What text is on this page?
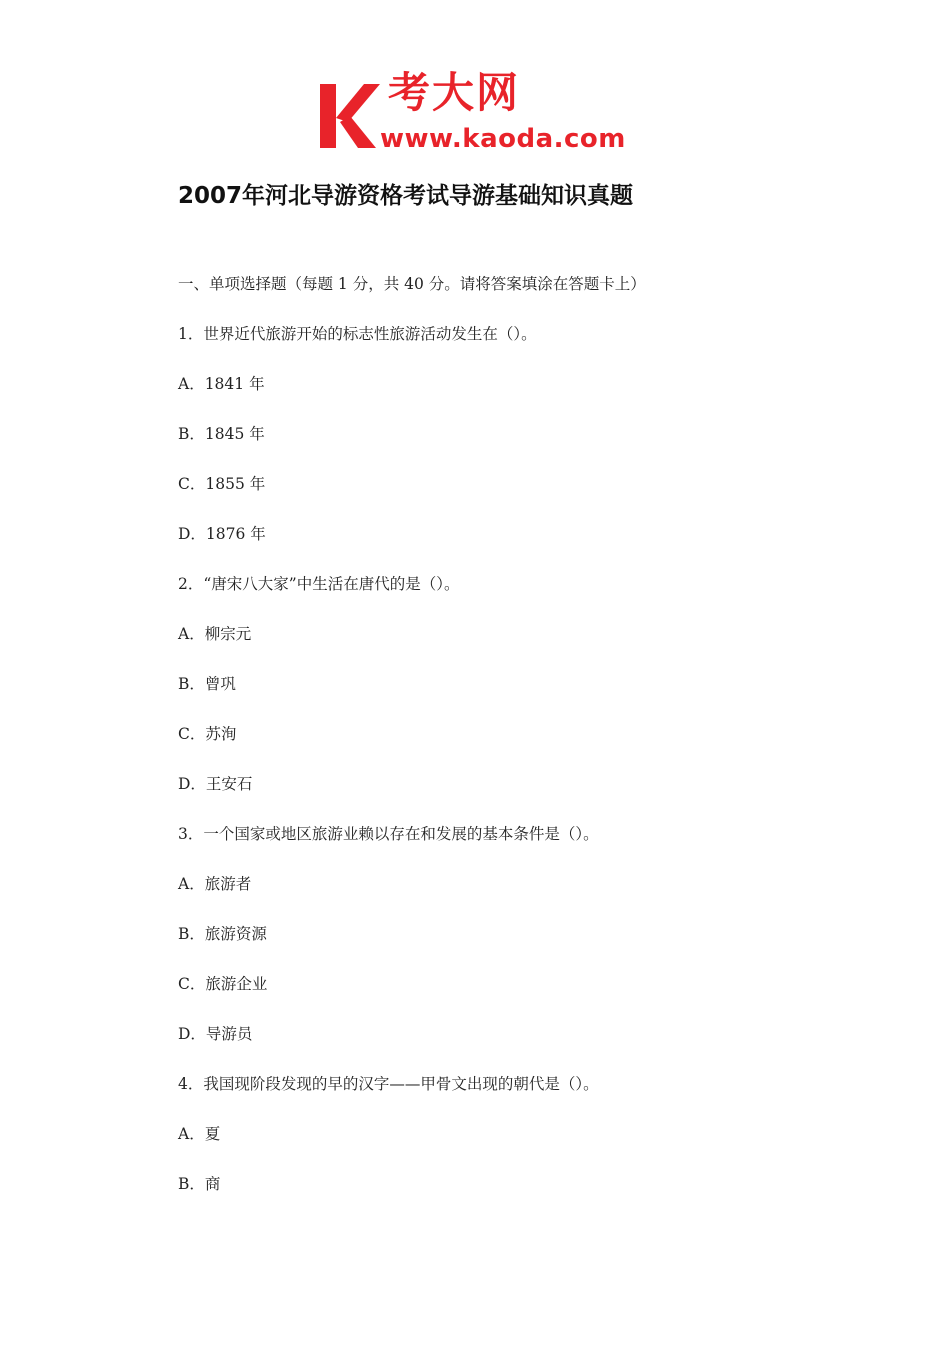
考大网
www.kaoda.com
2007年河北导游资格考试导游基础知识真题
一、单项选择题（每题 1 分，共 40 分。请将答案填涂在答题卡上）
1．世界近代旅游开始的标志性旅游活动发生在（）。
A．1841 年
B．1845 年
C．1855 年
D．1876 年
2．“唐宋八大家”中生活在唐代的是（）。
A．柳宗元
B．曾巩
C．苏洵
D．王安石
3．一个国家或地区旅游业赖以存在和发展的基本条件是（）。
A．旅游者
B．旅游资源
C．旅游企业
D．导游员
4．我国现阶段发现的早的汉字——甲骨文出现的朝代是（）。
A．夏
B．商
